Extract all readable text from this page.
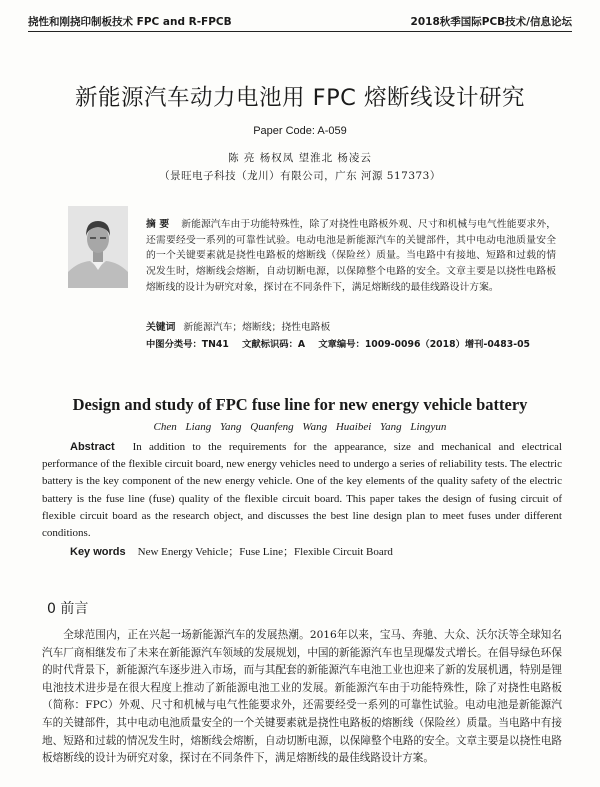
挠性和刚挠印制板技术 FPC and R-FPCB	2018秋季国际PCB技术/信息论坛
新能源汽车动力电池用 FPC 熔断线设计研究
Paper Code: A-059
陈 亮 杨权凤 望淮北 杨凌云
（景旺电子科技（龙川）有限公司，广东 河源 517373）
摘 要 新能源汽车由于功能特殊性，除了对挠性电路板外观、尺寸和机械与电气性能要求外，还需要经受一系列的可靠性试验。电动电池是新能源汽车的关键部件，其中电动电池质量安全的一个关键要素就是挠性电路板的熔断线（保险丝）质量。当电路中有接地、短路和过载的情况发生时，熔断线会熔断，自动切断电源，以保障整个电路的安全。文章主要是以挠性电路板熔断线的设计为研究对象，探讨在不同条件下，满足熔断线的最佳线路设计方案。
关键词 新能源汽车；熔断线；挠性电路板
中图分类号：TN41 文献标识码：A 文章编号：1009-0096（2018）增刊-0483-05
Design and study of FPC fuse line for new energy vehicle battery
Chen Liang Yang Quanfeng Wang Huaibei Yang Lingyun
Abstract In addition to the requirements for the appearance, size and mechanical and electrical performance of the flexible circuit board, new energy vehicles need to undergo a series of reliability tests. The electric battery is the key component of the new energy vehicle. One of the key elements of the quality safety of the electric battery is the fuse line (fuse) quality of the flexible circuit board. This paper takes the design of fusing circuit of flexible circuit board as the research object, and discusses the best line design plan to meet fuses under different conditions.
Key words New Energy Vehicle；Fuse Line；Flexible Circuit Board
0 前言
全球范围内，正在兴起一场新能源汽车的发展热潮。2016年以来，宝马、奔驰、大众、沃尔沃等全球知名汽车厂商相继发布了未来在新能源汽车领域的发展规划，中国的新能源汽车也呈现爆发式增长。在倡导绿色环保的时代背景下，新能源汽车逐步进入市场，而与其配套的新能源汽车电池工业也迎来了新的发展机遇，特别是锂电池技术进步是在很大程度上推动了新能源电池工业的发展。新能源汽车由于功能特殊性，除了对挠性电路板（简称：FPC）外观、尺寸和机械与电气性能要求外，还需要经受一系列的可靠性试验。电动电池是新能源汽车的关键部件，其中电动电池质量安全的一个关键要素就是挠性电路板的熔断线（保险丝）质量。当电路中有接地、短路和过载的情况发生时，熔断线会熔断，自动切断电源，以保障整个电路的安全。文章主要是以挠性电路板熔断线的设计为研究对象，探讨在不同条件下，满足熔断线的最佳线路设计方案。
